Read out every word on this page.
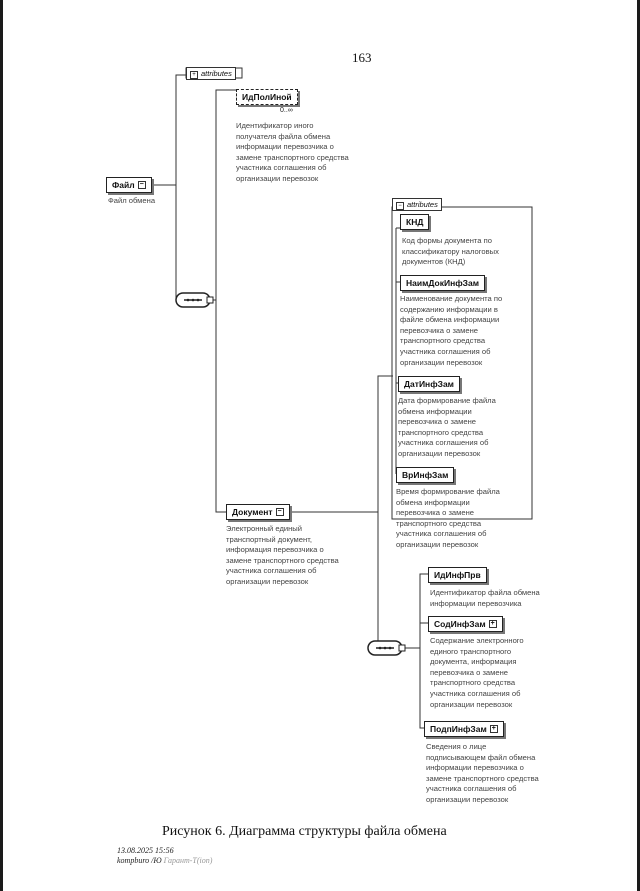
163
+ attributes
Файл −
Файл обмена
ИдПолИной
0..∞
Идентификатор иного
получателя файла обмена
информации перевозчика о
замене транспортного средства
участника соглашения об
организации перевозок
Документ −
Электронный единый
транспортный документ,
информация перевозчика о
замене транспортного средства
участника соглашения об
организации перевозок
− attributes
КНД
Код формы документа по
классификатору налоговых
документов (КНД)
НаимДокИнфЗам
Наименование документа по
содержанию информации в
файле обмена информации
перевозчика о замене
транспортного средства
участника соглашения об
организации перевозок
ДатИнфЗам
Дата формирование файла
обмена информации
перевозчика о замене
транспортного средства
участника соглашения об
организации перевозок
ВрИнфЗам
Время формирование файла
обмена информации
перевозчика о замене
транспортного средства
участника соглашения об
организации перевозок
ИдИнфПрв
Идентификатор файла обмена
информации перевозчика
СодИнфЗам +
Содержание электронного
единого транспортного
документа, информация
перевозчика о замене
транспортного средства
участника соглашения об
организации перевозок
ПодпИнфЗам +
Сведения о лице
подписывающем файл обмена
информации перевозчика о
замене транспортного средства
участника соглашения об
организации перевозок
Рисунок 6. Диаграмма структуры файла обмена
13.08.2025 15:56
kompburo /Ю Гарант-Т(ion)
